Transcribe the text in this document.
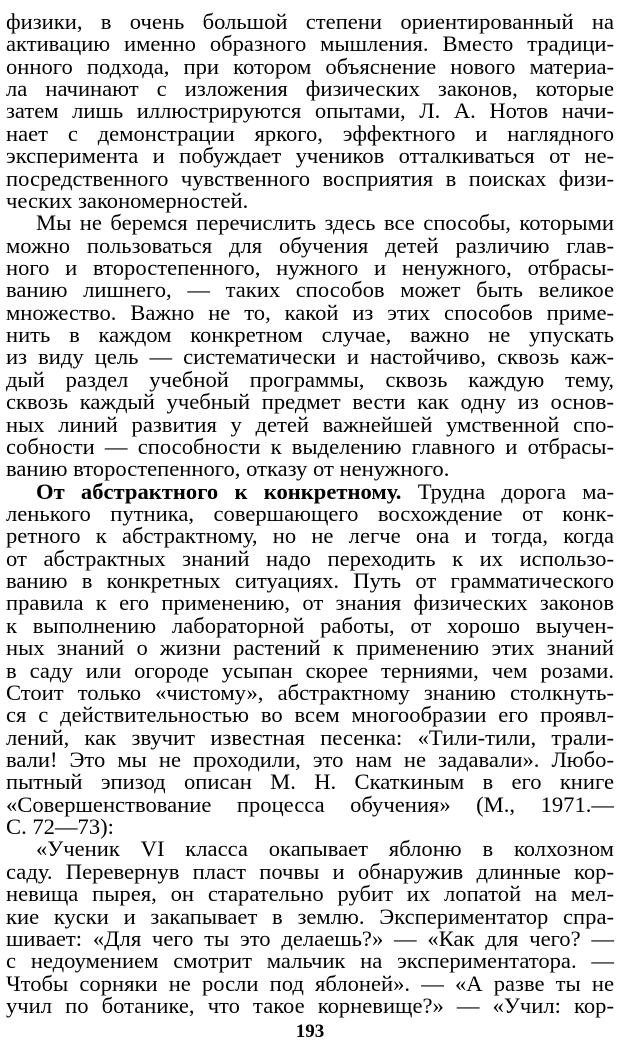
физики, в очень большой степени ориентированный на
активацию именно образного мышления. Вместо традици-
онного подхода, при котором объяснение нового материа-
ла начинают с изложения физических законов, которые
затем лишь иллюстрируются опытами, Л. А. Нотов начи-
нает с демонстрации яркого, эффектного и наглядного
эксперимента и побуждает учеников отталкиваться от не-
посредственного чувственного восприятия в поисках физи-
ческих закономерностей.
Мы не беремся перечислить здесь все способы, которыми
можно пользоваться для обучения детей различию глав-
ного и второстепенного, нужного и ненужного, отбрасы-
ванию лишнего, — таких способов может быть великое
множество. Важно не то, какой из этих способов приме-
нить в каждом конкретном случае, важно не упускать
из виду цель — систематически и настойчиво, сквозь каж-
дый раздел учебной программы, сквозь каждую тему,
сквозь каждый учебный предмет вести как одну из основ-
ных линий развития у детей важнейшей умственной спо-
собности — способности к выделению главного и отбрасы-
ванию второстепенного, отказу от ненужного.
От абстрактного к конкретному. Трудна дорога ма-
ленького путника, совершающего восхождение от конк-
ретного к абстрактному, но не легче она и тогда, когда
от абстрактных знаний надо переходить к их использо-
ванию в конкретных ситуациях. Путь от грамматического
правила к его применению, от знания физических законов
к выполнению лабораторной работы, от хорошо выучен-
ных знаний о жизни растений к применению этих знаний
в саду или огороде усыпан скорее терниями, чем розами.
Стоит только «чистому», абстрактному знанию столкнуть-
ся с действительностью во всем многообразии его проявл-
лений, как звучит известная песенка: «Тили-тили, трали-
вали! Это мы не проходили, это нам не задавали». Любо-
пытный эпизод описан М. Н. Скаткиным в его книге
«Совершенствование процесса обучения» (М., 1971.—
С. 72—73):
«Ученик VI класса окапывает яблоню в колхозном
саду. Перевернув пласт почвы и обнаружив длинные кор-
невища пырея, он старательно рубит их лопатой на мел-
кие куски и закапывает в землю. Экспериментатор спра-
шивает: «Для чего ты это делаешь?» — «Как для чего? —
с недоумением смотрит мальчик на экспериментатора. —
Чтобы сорняки не росли под яблоней». — «А разве ты не
учил по ботанике, что такое корневище?» — «Учил: кор-
193
